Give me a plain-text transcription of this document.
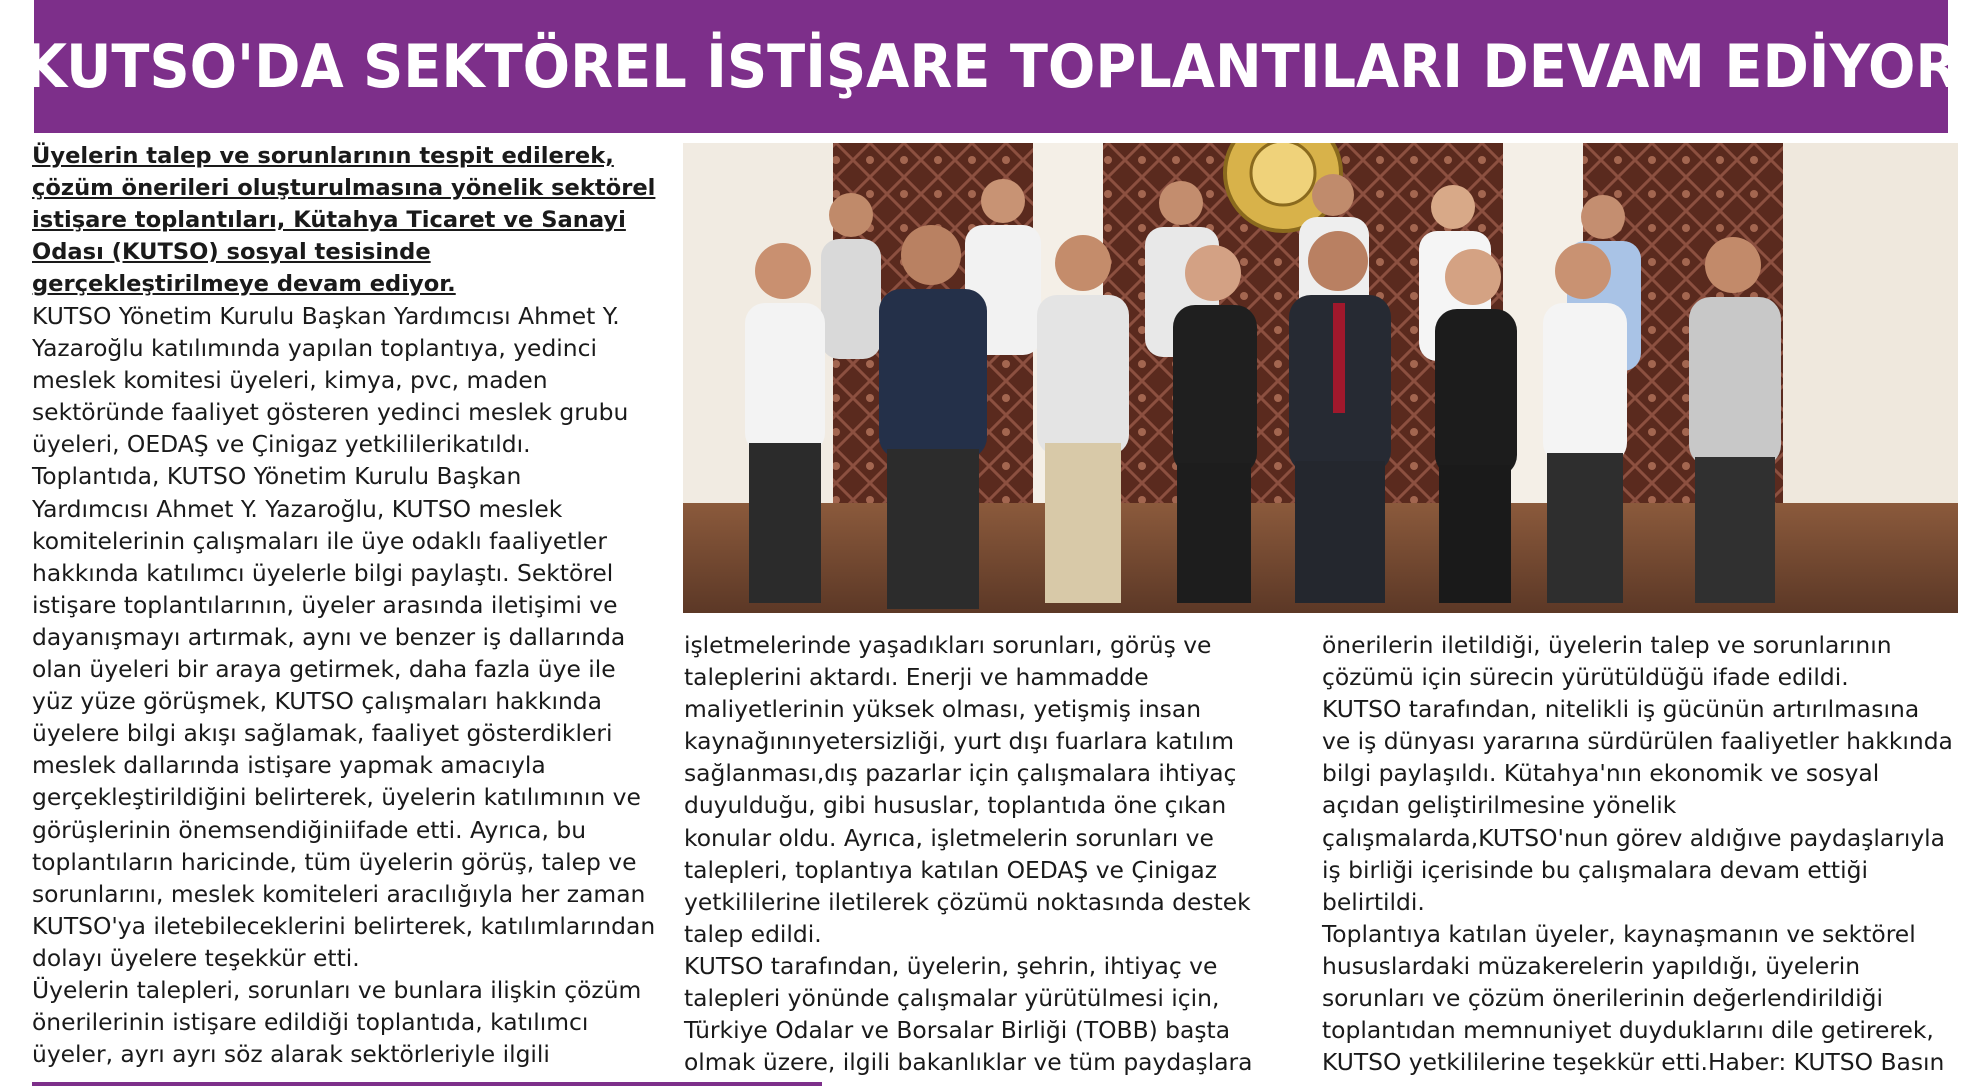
KUTSO'DA SEKTÖREL İSTİŞARE TOPLANTILARI DEVAM EDİYOR

Üyelerin talep ve sorunlarının tespit edilerek, çözüm önerileri oluşturulmasına yönelik sektörel istişare toplantıları, Kütahya Ticaret ve Sanayi Odası (KUTSO) sosyal tesisinde gerçekleştirilmeye devam ediyor.

KUTSO Yönetim Kurulu Başkan Yardımcısı Ahmet Y.
Yazaroğlu katılımında yapılan toplantıya, yedinci
meslek komitesi üyeleri, kimya, pvc, maden
sektöründe faaliyet gösteren yedinci meslek grubu
üyeleri, OEDAŞ ve Çinigaz yetkililerikatıldı.
Toplantıda, KUTSO Yönetim Kurulu Başkan
Yardımcısı Ahmet Y. Yazaroğlu, KUTSO meslek
komitelerinin çalışmaları ile üye odaklı faaliyetler
hakkında katılımcı üyelerle bilgi paylaştı. Sektörel
istişare toplantılarının, üyeler arasında iletişimi ve
dayanışmayı artırmak, aynı ve benzer iş dallarında
olan üyeleri bir araya getirmek, daha fazla üye ile
yüz yüze görüşmek, KUTSO çalışmaları hakkında
üyelere bilgi akışı sağlamak, faaliyet gösterdikleri
meslek dallarında istişare yapmak amacıyla
gerçekleştirildiğini belirterek, üyelerin katılımının ve
görüşlerinin önemsendiğiniifade etti. Ayrıca, bu
toplantıların haricinde, tüm üyelerin görüş, talep ve
sorunlarını, meslek komiteleri aracılığıyla her zaman
KUTSO'ya iletebileceklerini belirterek, katılımlarından
dolayı üyelere teşekkür etti.
Üyelerin talepleri, sorunları ve bunlara ilişkin çözüm
önerilerinin istişare edildiği toplantıda, katılımcı
üyeler, ayrı ayrı söz alarak sektörleriyle ilgili

işletmelerinde yaşadıkları sorunları, görüş ve
taleplerini aktardı. Enerji ve hammadde
maliyetlerinin yüksek olması, yetişmiş insan
kaynağınınyetersizliği, yurt dışı fuarlara katılım
sağlanması,dış pazarlar için çalışmalara ihtiyaç
duyulduğu, gibi hususlar, toplantıda öne çıkan
konular oldu. Ayrıca, işletmelerin sorunları ve
talepleri, toplantıya katılan OEDAŞ ve Çinigaz
yetkililerine iletilerek çözümü noktasında destek
talep edildi.
KUTSO tarafından, üyelerin, şehrin, ihtiyaç ve
talepleri yönünde çalışmalar yürütülmesi için,
Türkiye Odalar ve Borsalar Birliği (TOBB) başta
olmak üzere, ilgili bakanlıklar ve tüm paydaşlara

önerilerin iletildiği, üyelerin talep ve sorunlarının
çözümü için sürecin yürütüldüğü ifade edildi.
KUTSO tarafından, nitelikli iş gücünün artırılmasına
ve iş dünyası yararına sürdürülen faaliyetler hakkında
bilgi paylaşıldı. Kütahya'nın ekonomik ve sosyal
açıdan geliştirilmesine yönelik
çalışmalarda,KUTSO'nun görev aldığıve paydaşlarıyla
iş birliği içerisinde bu çalışmalara devam ettiği
belirtildi.
Toplantıya katılan üyeler, kaynaşmanın ve sektörel
hususlardaki müzakerelerin yapıldığı, üyelerin
sorunları ve çözüm önerilerinin değerlendirildiği
toplantıdan memnuniyet duyduklarını dile getirerek,
KUTSO yetkililerine teşekkür etti.Haber: KUTSO Basın
